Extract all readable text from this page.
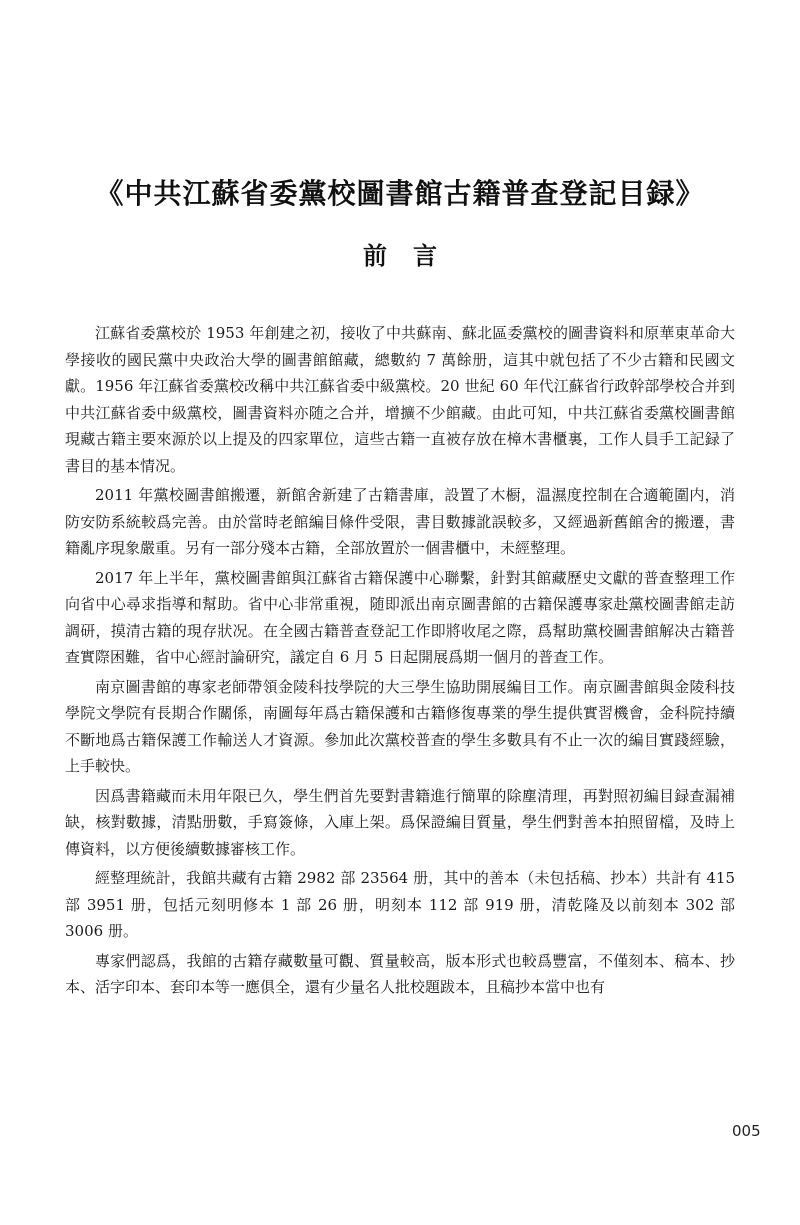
《中共江蘇省委黨校圖書館古籍普查登記目録》
前言

江蘇省委黨校於 1953 年創建之初，接收了中共蘇南、蘇北區委黨校的圖書資料和原華東革命大學接收的國民黨中央政治大學的圖書館館藏，總數約 7 萬餘册，這其中就包括了不少古籍和民國文獻。1956 年江蘇省委黨校改稱中共江蘇省委中級黨校。20 世紀 60 年代江蘇省行政幹部學校合并到中共江蘇省委中級黨校，圖書資料亦随之合并，增擴不少館藏。由此可知，中共江蘇省委黨校圖書館現藏古籍主要來源於以上提及的四家單位，這些古籍一直被存放在樟木書櫃裏，工作人員手工記録了書目的基本情况。

2011 年黨校圖書館搬遷，新館舍新建了古籍書庫，設置了木橱，温濕度控制在合適範圍内，消防安防系統較爲完善。由於當時老館編目條件受限，書目數據訛誤較多，又經過新舊館舍的搬遷，書籍亂序現象嚴重。另有一部分殘本古籍，全部放置於一個書櫃中，未經整理。

2017 年上半年，黨校圖書館與江蘇省古籍保護中心聯繫，針對其館藏歷史文獻的普查整理工作向省中心尋求指導和幫助。省中心非常重視，随即派出南京圖書館的古籍保護專家赴黨校圖書館走訪調研，摸清古籍的現存狀况。在全國古籍普查登記工作即將收尾之際，爲幫助黨校圖書館解决古籍普查實際困難，省中心經討論研究，議定自 6 月 5 日起開展爲期一個月的普查工作。

南京圖書館的專家老師帶領金陵科技學院的大三學生協助開展編目工作。南京圖書館與金陵科技學院文學院有長期合作關係，南圖每年爲古籍保護和古籍修復專業的學生提供實習機會，金科院持續不斷地爲古籍保護工作輸送人才資源。參加此次黨校普查的學生多數具有不止一次的編目實踐經驗，上手較快。

因爲書籍藏而未用年限已久，學生們首先要對書籍進行簡單的除塵清理，再對照初編目録查漏補缺，核對數據，清點册數，手寫簽條，入庫上架。爲保證編目質量，學生們對善本拍照留檔，及時上傳資料，以方便後續數據審核工作。

經整理統計，我館共藏有古籍 2982 部 23564 册，其中的善本（未包括稿、抄本）共計有 415 部 3951 册，包括元刻明修本 1 部 26 册，明刻本 112 部 919 册，清乾隆及以前刻本 302 部 3006 册。

專家們認爲，我館的古籍存藏數量可觀、質量較高，版本形式也較爲豐富，不僅刻本、稿本、抄本、活字印本、套印本等一應俱全，還有少量名人批校題跋本，且稿抄本當中也有

005
